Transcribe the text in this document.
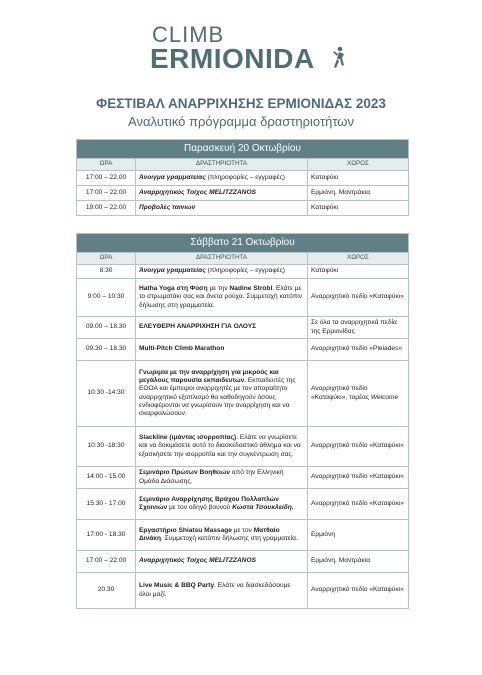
CLIMB
ERMIONIDA
ΦΕΣΤΙΒΑΛ ΑΝΑΡΡΙΧΗΣΗΣ ΕΡΜΙΟΝΙΔΑΣ 2023
Αναλυτικό πρόγραμμα δραστηριοτήτων
Παρασκευή 20 Οκτωβρίου		
ΩΡΑ	ΔΡΑΣΤΗΡΙΟΤΗΤΑ	ΧΩΡΟΣ
17:00 – 22.00	Άνοιγμα γραμματείας (πληροφορίες – εγγραφές)	Καταφύκι
17:00 – 22.00	Αναρριχητικός Τοίχος MELITZZANOS	Ερμιόνη, Μαντράκια
19:00 – 22.00	Προβολές ταινιών	Καταφύκι
Σάββατο 21 Οκτωβρίου		
ΩΡΑ	ΔΡΑΣΤΗΡΙΟΤΗΤΑ	ΧΩΡΟΣ
8:30	Άνοιγμα γραμματείας (πληροφορίες – εγγραφές)	Καταφύκι
9:00 – 10:30	Hatha Yoga στη Φύση με την Nadine Strobl. Ελάτε με το στρωματάκι σας και άνετα ρούχα. Συμμετοχή κατόπιν δήλωσης στη γραμματεία.	Αναρριχητικό πεδίο «Καταφύκι»
09.00 – 18.30	ΕΛΕΥΘΕΡΗ ΑΝΑΡΡΙΧΗΣΗ ΓΙΑ ΟΛΟΥΣ	Σε όλα τα αναρριχητικά πεδία της Ερμιονίδας
09.30 – 18.30	Multi-Pitch Climb Marathon	Αναρριχητικό πεδίο «Pleiades»
10:30 -14:30	Γνωριμία με την αναρρίχηση για μικρούς και μεγάλους παρουσία εκπαιδευτών. Εκπαιδευτές της ΕΟΟΑ και έμπειροι αναρριχητές με τον απαραίτητο αναρριχητικό εξοπλισμό θα καθοδηγούν όσους ενδιαφέρονται να γνωρίσουν την αναρρίχηση και να σκαρφαλώσουν.	Αναρριχητικό πεδίο «Καταφύκι», τομέας Welcome
10:30 -18:30	Slackline (ιμάντας ισορροπίας). Ελάτε να γνωρίσετε και να δοκιμάσετε αυτό το διασκεδαστικό άθλημα και να εξασκήσετε την ισορροπία και την συγκέντρωση σας.	Αναρριχητικό πεδίο «Καταφύκι»
14:00 - 15.00	Σεμινάριο Πρώτων Βοηθειών από την Ελληνική Ομάδα Διάσωσης.	Αναρριχητικό πεδίο «Καταφύκι»
15:30 - 17.00	Σεμινάριο Αναρρίχησης Βράχου Πολλαπλών Σχοινιών με τον οδηγό βουνού Κώστα Τσουκλείδη.	Αναρριχητικό πεδίο «Καταφύκι»
17:00 - 18.30	Εργαστήριο Shiatsu Massage με τον Ματθαίο Δινάκη. Συμμετοχή κατόπιν δήλωσης στη γραμματεία.	Ερμιόνη
17:00 – 22.00	Αναρριχητικός Τοίχος MELITZZANOS	Ερμιόνη, Μαντράκια
20.30	Live Music & BBQ Party. Ελάτε να διασκεδάσουμε όλοι μαζί.	Αναρριχητικό πεδίο «Καταφύκι»
